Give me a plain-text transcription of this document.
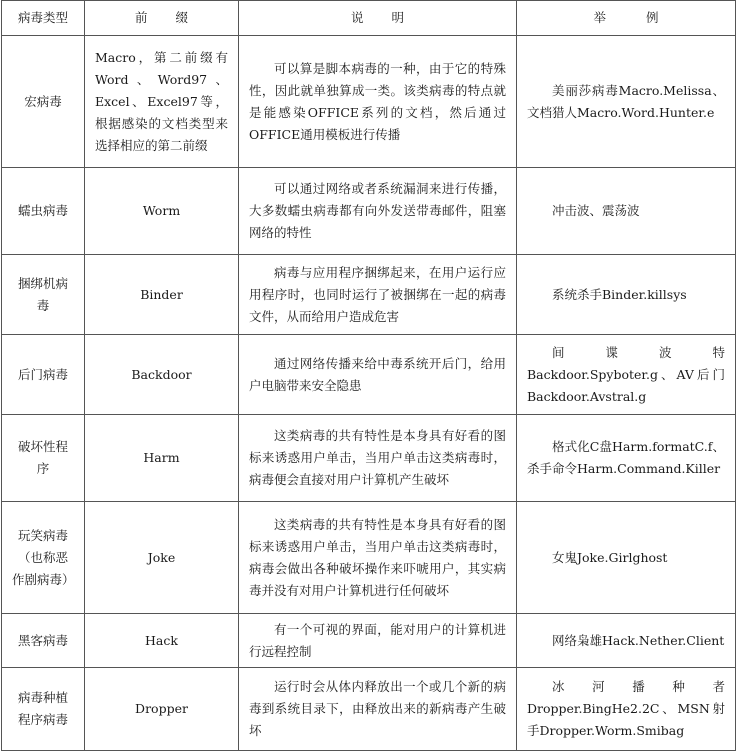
病毒类型	前缀	说明	举例
宏病毒	Macro，第二前缀有Word、Word97、Excel、Excel97等，根据感染的文档类型来选择相应的第二前缀	可以算是脚本病毒的一种，由于它的特殊性，因此就单独算成一类。该类病毒的特点就是能感染OFFICE系列的文档，然后通过OFFICE通用模板进行传播	美丽莎病毒Macro.Melissa、文档猎人Macro.Word.Hunter.e
蠕虫病毒	Worm	可以通过网络或者系统漏洞来进行传播，大多数蠕虫病毒都有向外发送带毒邮件，阻塞网络的特性	冲击波、震荡波
捆绑机病毒	Binder	病毒与应用程序捆绑起来，在用户运行应用程序时，也同时运行了被捆绑在一起的病毒文件，从而给用户造成危害	系统杀手Binder.killsys
后门病毒	Backdoor	通过网络传播来给中毒系统开后门，给用户电脑带来安全隐患	间谍波特Backdoor.Spyboter.g、AV后门Backdoor.Avstral.g
破坏性程序	Harm	这类病毒的共有特性是本身具有好看的图标来诱惑用户单击，当用户单击这类病毒时，病毒便会直接对用户计算机产生破坏	格式化C盘Harm.formatC.f、杀手命令Harm.Command.Killer
玩笑病毒（也称恶作剧病毒）	Joke	这类病毒的共有特性是本身具有好看的图标来诱惑用户单击，当用户单击这类病毒时，病毒会做出各种破坏操作来吓唬用户，其实病毒并没有对用户计算机进行任何破坏	女鬼Joke.Girlghost
黑客病毒	Hack	有一个可视的界面，能对用户的计算机进行远程控制	网络枭雄Hack.Nether.Client
病毒种植程序病毒	Dropper	运行时会从体内释放出一个或几个新的病毒到系统目录下，由释放出来的新病毒产生破坏	冰河播种者Dropper.BingHe2.2C、MSN射手Dropper.Worm.Smibag
